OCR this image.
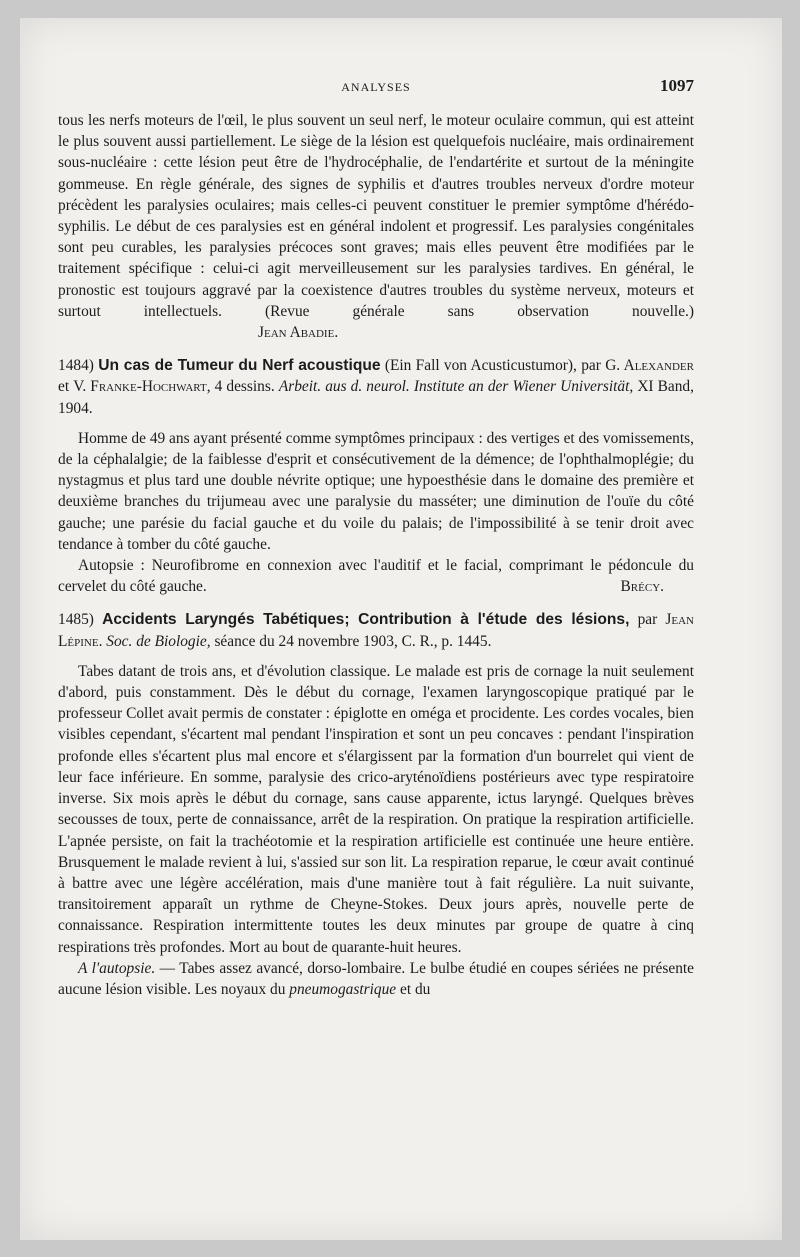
ANALYSES	1097

tous les nerfs moteurs de l'œil, le plus souvent un seul nerf, le moteur oculaire commun, qui est atteint le plus souvent aussi partiellement. Le siège de la lésion est quelquefois nucléaire, mais ordinairement sous-nucléaire : cette lésion peut être de l'hydrocéphalie, de l'endartérite et surtout de la méningite gommeuse. En règle générale, des signes de syphilis et d'autres troubles nerveux d'ordre moteur précèdent les paralysies oculaires; mais celles-ci peuvent constituer le premier symptôme d'hérédo-syphilis. Le début de ces paralysies est en général indolent et progressif. Les paralysies congénitales sont peu curables, les paralysies précoces sont graves; mais elles peuvent être modifiées par le traitement spécifique : celui-ci agit merveilleusement sur les paralysies tardives. En général, le pronostic est toujours aggravé par la coexistence d'autres troubles du système nerveux, moteurs et surtout intellectuels. (Revue générale sans observation nouvelle.) Jean Abadie.

1484) Un cas de Tumeur du Nerf acoustique (Ein Fall von Acusticustumor), par G. Alexander et V. Franke-Hochwart, 4 dessins. Arbeit. aus d. neurol. Institute an der Wiener Universität, XI Band, 1904.

Homme de 49 ans ayant présenté comme symptômes principaux : des vertiges et des vomissements, de la céphalalgie; de la faiblesse d'esprit et consécutivement de la démence; de l'ophthalmoplégie; du nystagmus et plus tard une double névrite optique; une hypoesthésie dans le domaine des première et deuxième branches du trijumeau avec une paralysie du masséter; une diminution de l'ouïe du côté gauche; une parésie du facial gauche et du voile du palais; de l'impossibilité à se tenir droit avec tendance à tomber du côté gauche.

Autopsie : Neurofibrome en connexion avec l'auditif et le facial, comprimant le pédoncule du cervelet du côté gauche.	Brécy.

1485) Accidents Laryngés Tabétiques; Contribution à l'étude des lésions, par Jean Lépine. Soc. de Biologie, séance du 24 novembre 1903, C. R., p. 1445.

Tabes datant de trois ans, et d'évolution classique. Le malade est pris de cornage la nuit seulement d'abord, puis constamment. Dès le début du cornage, l'examen laryngoscopique pratiqué par le professeur Collet avait permis de constater : épiglotte en oméga et procidente. Les cordes vocales, bien visibles cependant, s'écartent mal pendant l'inspiration et sont un peu concaves : pendant l'inspiration profonde elles s'écartent plus mal encore et s'élargissent par la formation d'un bourrelet qui vient de leur face inférieure. En somme, paralysie des crico-aryténoïdiens postérieurs avec type respiratoire inverse. Six mois après le début du cornage, sans cause apparente, ictus laryngé. Quelques brèves secousses de toux, perte de connaissance, arrêt de la respiration. On pratique la respiration artificielle. L'apnée persiste, on fait la trachéotomie et la respiration artificielle est continuée une heure entière. Brusquement le malade revient à lui, s'assied sur son lit. La respiration reparue, le cœur avait continué à battre avec une légère accélération, mais d'une manière tout à fait régulière. La nuit suivante, transitoirement apparaît un rythme de Cheyne-Stokes. Deux jours après, nouvelle perte de connaissance. Respiration intermittente toutes les deux minutes par groupe de quatre à cinq respirations très profondes. Mort au bout de quarante-huit heures.

A l'autopsie. — Tabes assez avancé, dorso-lombaire. Le bulbe étudié en coupes sériées ne présente aucune lésion visible. Les noyaux du pneumogastrique et du
